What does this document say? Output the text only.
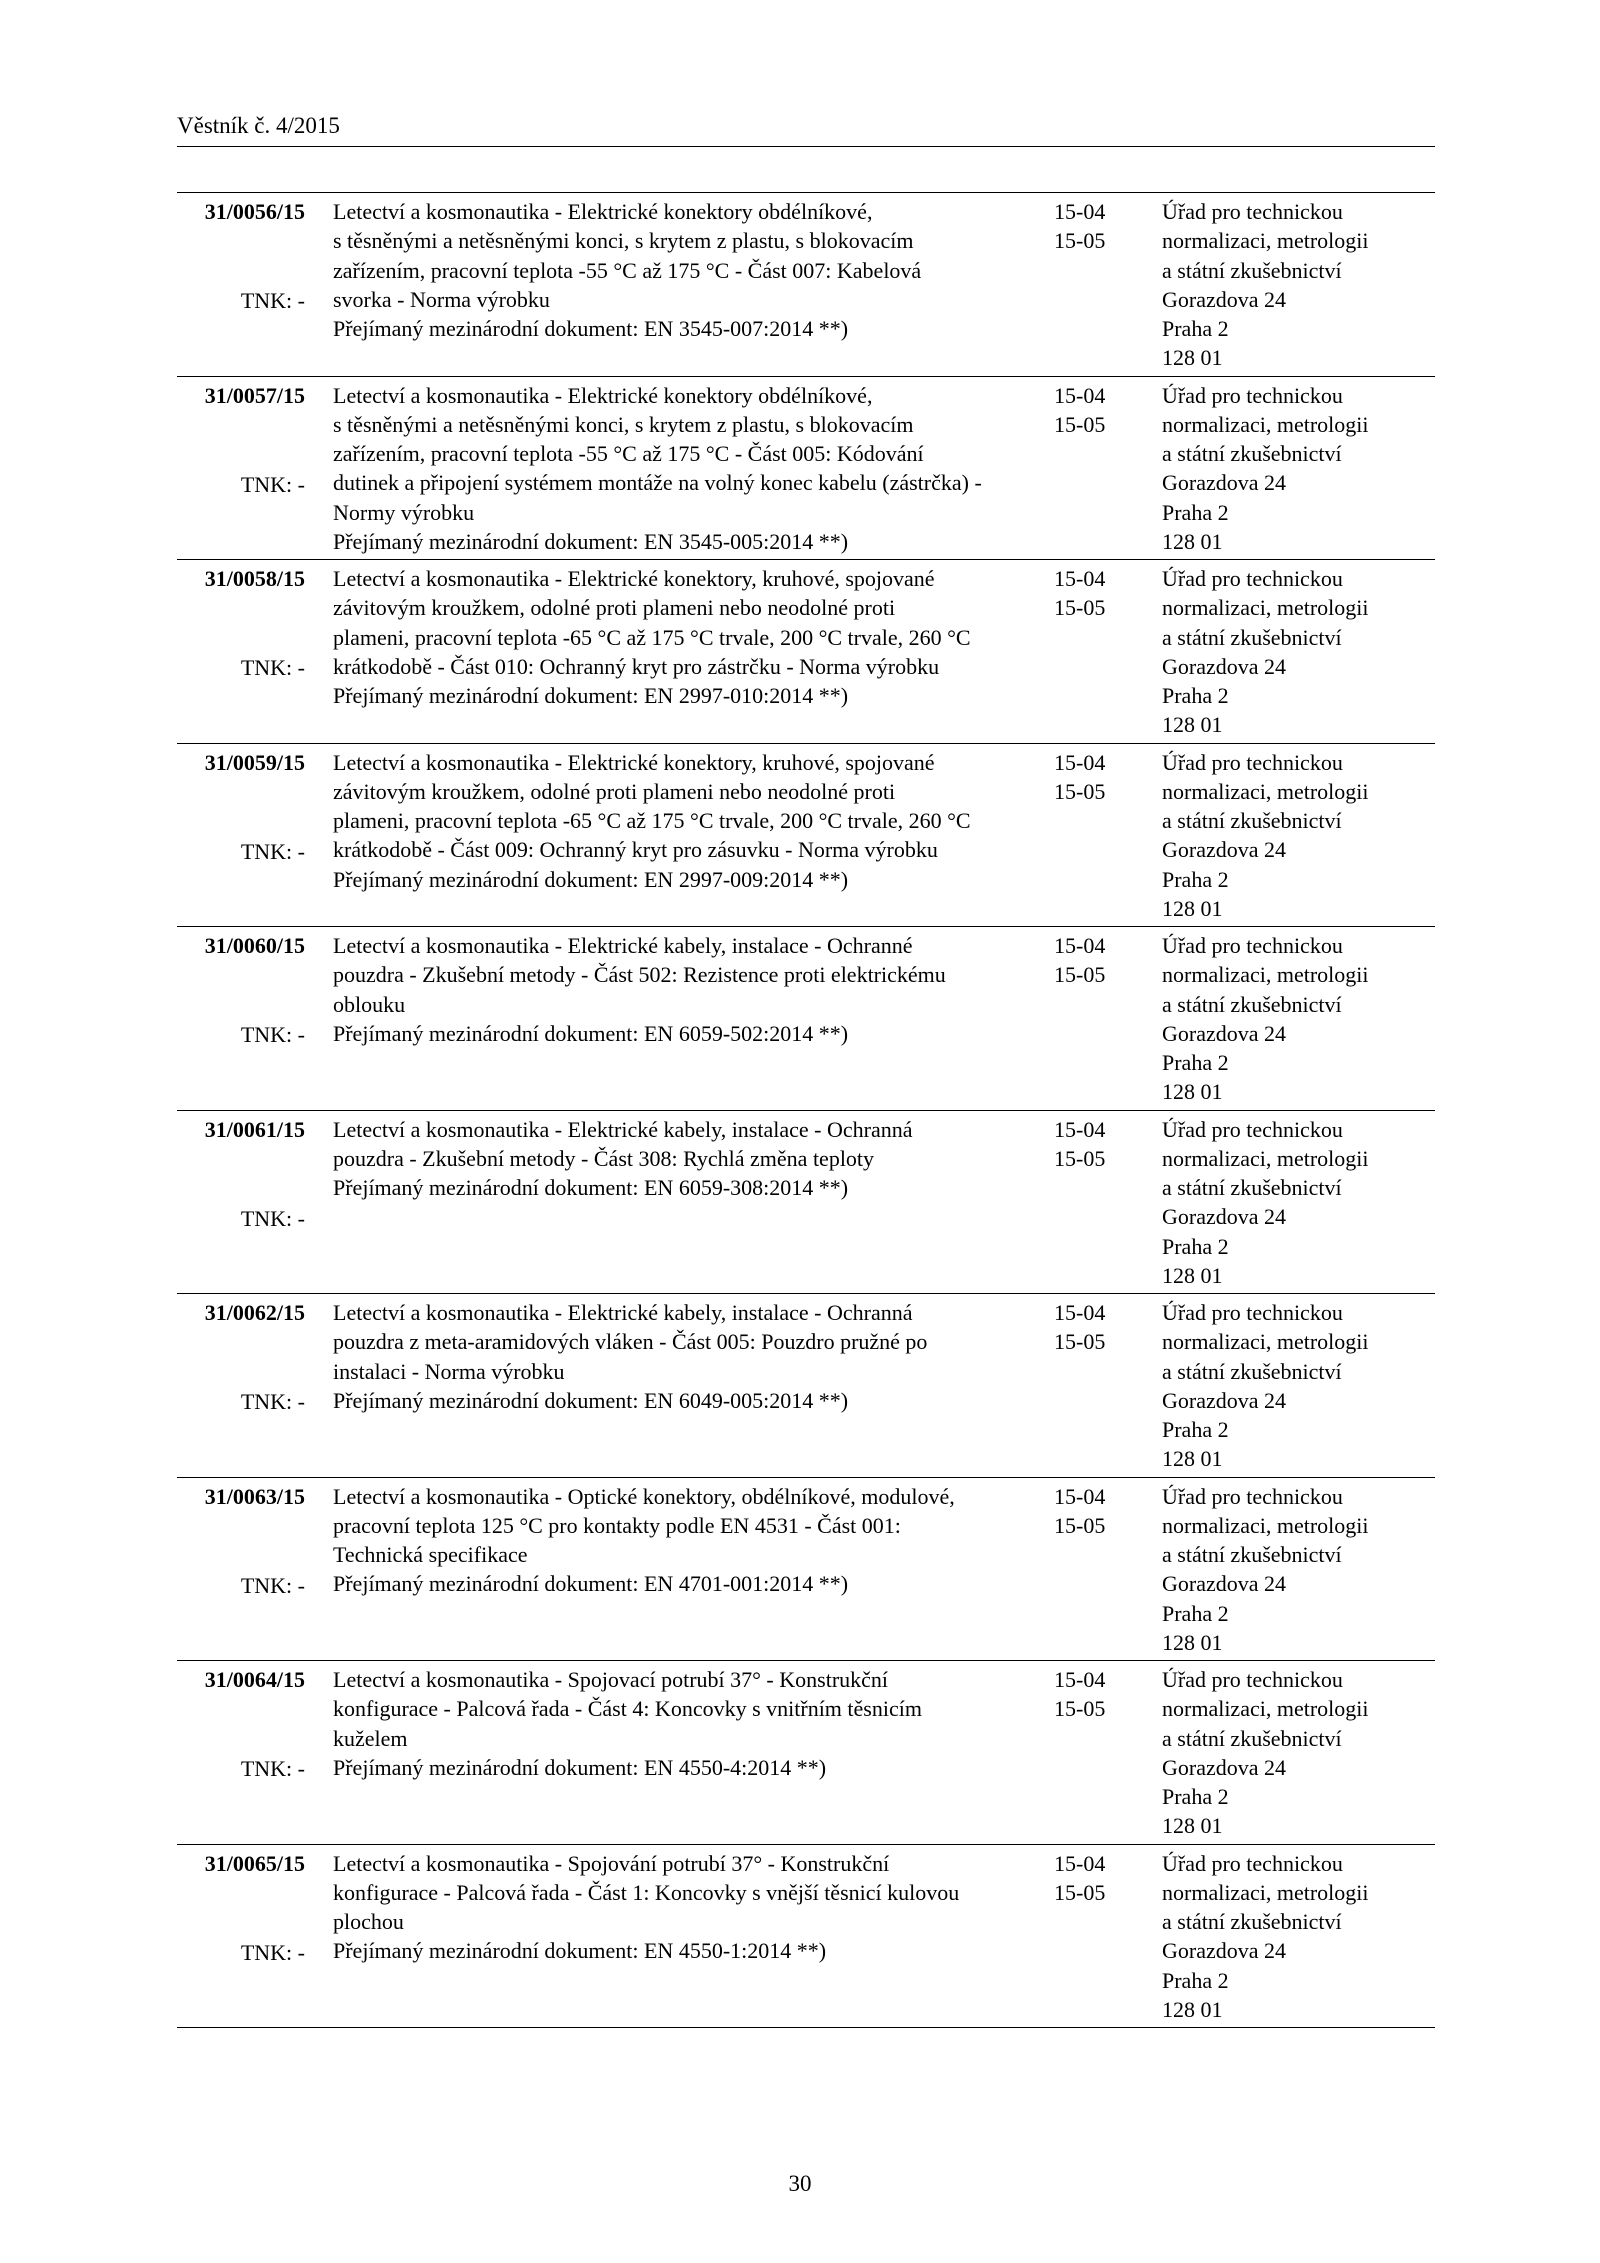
Věstník č. 4/2015
31/0056/15
TNK: -
Letectví a kosmonautika - Elektrické konektory obdélníkové,
s těsněnými a netěsněnými konci, s krytem z plastu, s blokovacím
zařízením, pracovní teplota -55 °C až 175 °C - Část 007: Kabelová
svorka - Norma výrobku
Přejímaný mezinárodní dokument: EN 3545-007:2014 **)
15-04
15-05
Úřad pro technickou
normalizaci, metrologii
a státní zkušebnictví
Gorazdova 24
Praha 2
128 01
31/0057/15
TNK: -
Letectví a kosmonautika - Elektrické konektory obdélníkové,
s těsněnými a netěsněnými konci, s krytem z plastu, s blokovacím
zařízením, pracovní teplota -55 °C až 175 °C - Část 005: Kódování
dutinek a připojení systémem montáže na volný konec kabelu (zástrčka) -
Normy výrobku
Přejímaný mezinárodní dokument: EN 3545-005:2014 **)
15-04
15-05
Úřad pro technickou
normalizaci, metrologii
a státní zkušebnictví
Gorazdova 24
Praha 2
128 01
31/0058/15
TNK: -
Letectví a kosmonautika - Elektrické konektory, kruhové, spojované
závitovým kroužkem, odolné proti plameni nebo neodolné proti
plameni, pracovní teplota -65 °C až 175 °C trvale, 200 °C trvale, 260 °C
krátkodobě - Část 010: Ochranný kryt pro zástrčku - Norma výrobku
Přejímaný mezinárodní dokument: EN 2997-010:2014 **)
15-04
15-05
Úřad pro technickou
normalizaci, metrologii
a státní zkušebnictví
Gorazdova 24
Praha 2
128 01
31/0059/15
TNK: -
Letectví a kosmonautika - Elektrické konektory, kruhové, spojované
závitovým kroužkem, odolné proti plameni nebo neodolné proti
plameni, pracovní teplota -65 °C až 175 °C trvale, 200 °C trvale, 260 °C
krátkodobě - Část 009: Ochranný kryt pro zásuvku - Norma výrobku
Přejímaný mezinárodní dokument: EN 2997-009:2014 **)
15-04
15-05
Úřad pro technickou
normalizaci, metrologii
a státní zkušebnictví
Gorazdova 24
Praha 2
128 01
31/0060/15
TNK: -
Letectví a kosmonautika - Elektrické kabely, instalace - Ochranné
pouzdra - Zkušební metody - Část 502: Rezistence proti elektrickému
oblouku
Přejímaný mezinárodní dokument: EN 6059-502:2014 **)
15-04
15-05
Úřad pro technickou
normalizaci, metrologii
a státní zkušebnictví
Gorazdova 24
Praha 2
128 01
31/0061/15
TNK: -
Letectví a kosmonautika - Elektrické kabely, instalace - Ochranná
pouzdra - Zkušební metody - Část 308: Rychlá změna teploty
Přejímaný mezinárodní dokument: EN 6059-308:2014 **)
15-04
15-05
Úřad pro technickou
normalizaci, metrologii
a státní zkušebnictví
Gorazdova 24
Praha 2
128 01
31/0062/15
TNK: -
Letectví a kosmonautika - Elektrické kabely, instalace - Ochranná
pouzdra z meta-aramidových vláken - Část 005: Pouzdro pružné po
instalaci - Norma výrobku
Přejímaný mezinárodní dokument: EN 6049-005:2014 **)
15-04
15-05
Úřad pro technickou
normalizaci, metrologii
a státní zkušebnictví
Gorazdova 24
Praha 2
128 01
31/0063/15
TNK: -
Letectví a kosmonautika - Optické konektory, obdélníkové, modulové,
pracovní teplota 125 °C pro kontakty podle EN 4531 - Část 001:
Technická specifikace
Přejímaný mezinárodní dokument: EN 4701-001:2014 **)
15-04
15-05
Úřad pro technickou
normalizaci, metrologii
a státní zkušebnictví
Gorazdova 24
Praha 2
128 01
31/0064/15
TNK: -
Letectví a kosmonautika - Spojovací potrubí 37° - Konstrukční
konfigurace - Palcová řada - Část 4: Koncovky s vnitřním těsnicím
kuželem
Přejímaný mezinárodní dokument: EN 4550-4:2014 **)
15-04
15-05
Úřad pro technickou
normalizaci, metrologii
a státní zkušebnictví
Gorazdova 24
Praha 2
128 01
31/0065/15
TNK: -
Letectví a kosmonautika - Spojování potrubí 37° - Konstrukční
konfigurace - Palcová řada - Část 1: Koncovky s vnější těsnicí kulovou
plochou
Přejímaný mezinárodní dokument: EN 4550-1:2014 **)
15-04
15-05
Úřad pro technickou
normalizaci, metrologii
a státní zkušebnictví
Gorazdova 24
Praha 2
128 01
30
